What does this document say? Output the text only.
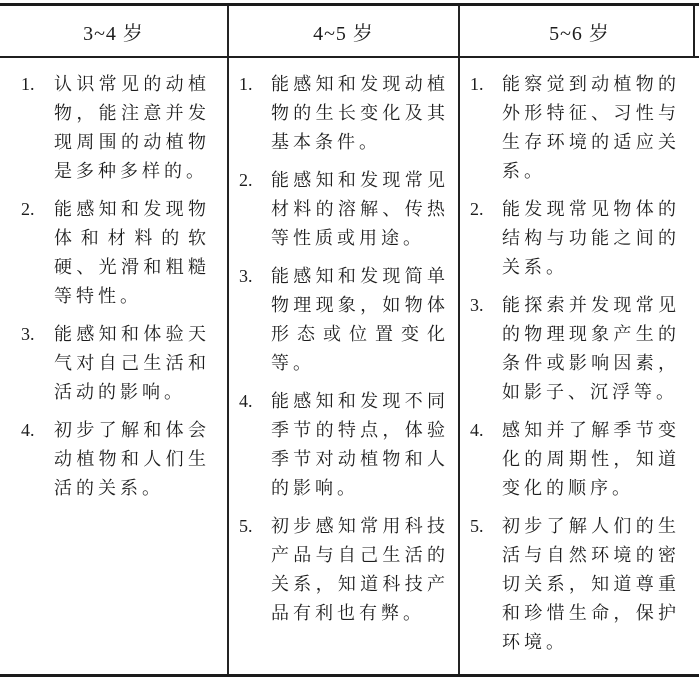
3~4 岁	4~5 岁	5~6 岁
1.	认识常见的动植物，能注意并发现周围的动植物是多种多样的。
2.	能感知和发现物体和材料的软硬、光滑和粗糙等特性。
3.	能感知和体验天气对自己生活和活动的影响。
4.	初步了解和体会动植物和人们生活的关系。
1.	能感知和发现动植物的生长变化及其基本条件。
2.	能感知和发现常见材料的溶解、传热等性质或用途。
3.	能感知和发现简单物理现象，如物体形态或位置变化等。
4.	能感知和发现不同季节的特点，体验季节对动植物和人的影响。
5.	初步感知常用科技产品与自己生活的关系，知道科技产品有利也有弊。
1.	能察觉到动植物的外形特征、习性与生存环境的适应关系。
2.	能发现常见物体的结构与功能之间的关系。
3.	能探索并发现常见的物理现象产生的条件或影响因素，如影子、沉浮等。
4.	感知并了解季节变化的周期性，知道变化的顺序。
5.	初步了解人们的生活与自然环境的密切关系，知道尊重和珍惜生命，保护环境。
